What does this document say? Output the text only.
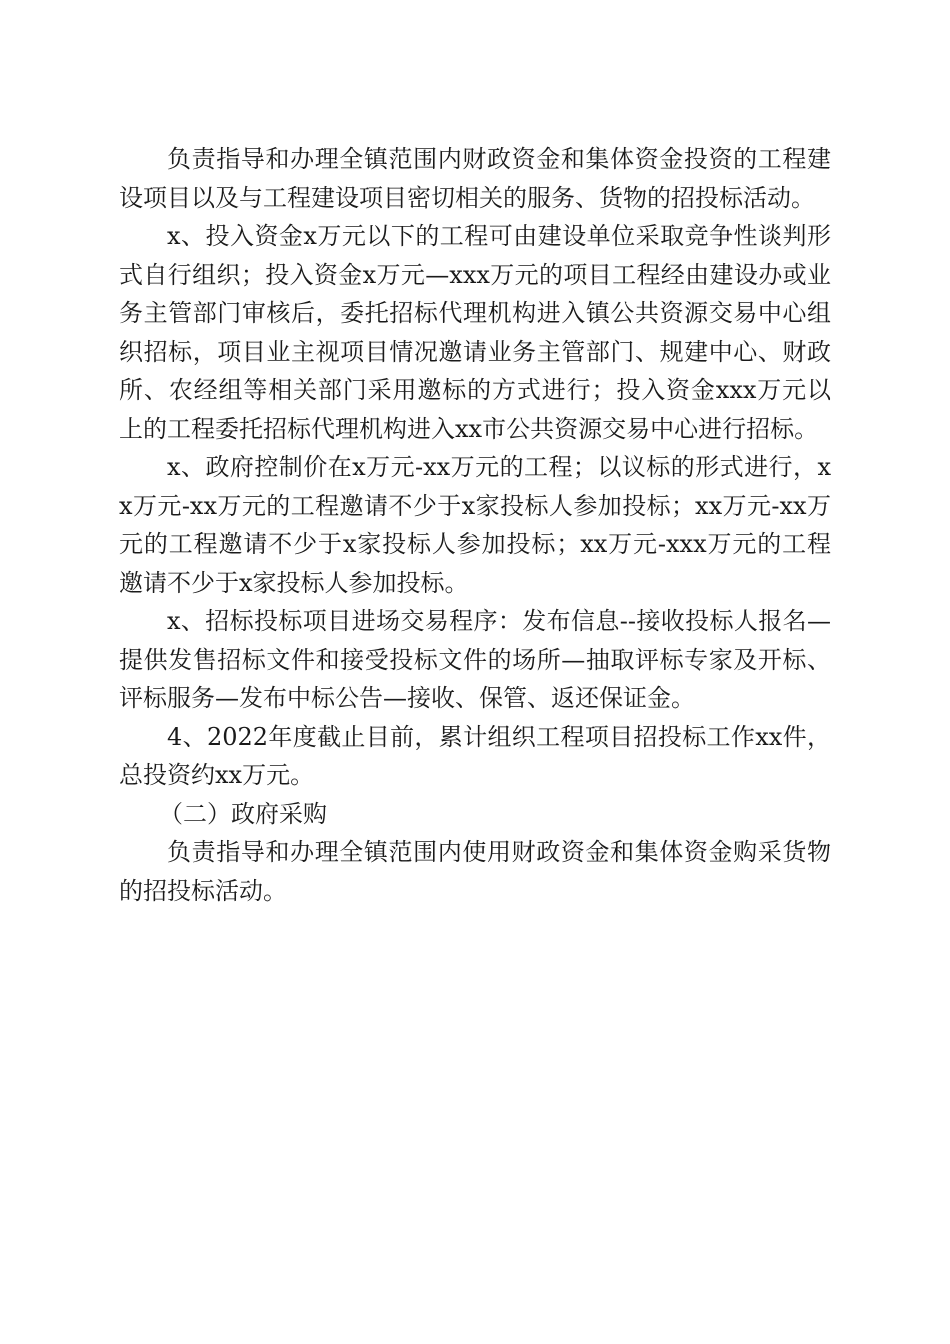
负责指导和办理全镇范围内财政资金和集体资金投资的工程建设项目以及与工程建设项目密切相关的服务、货物的招投标活动。

x、投入资金x万元以下的工程可由建设单位采取竞争性谈判形式自行组织；投入资金x万元—xxx万元的项目工程经由建设办或业务主管部门审核后，委托招标代理机构进入镇公共资源交易中心组织招标，项目业主视项目情况邀请业务主管部门、规建中心、财政所、农经组等相关部门采用邀标的方式进行；投入资金xxx万元以上的工程委托招标代理机构进入xx市公共资源交易中心进行招标。

x、政府控制价在x万元-xx万元的工程；以议标的形式进行，xx万元-xx万元的工程邀请不少于x家投标人参加投标；xx万元-xx万元的工程邀请不少于x家投标人参加投标；xx万元-xxx万元的工程邀请不少于x家投标人参加投标。

x、招标投标项目进场交易程序：发布信息--接收投标人报名—提供发售招标文件和接受投标文件的场所—抽取评标专家及开标、评标服务—发布中标公告—接收、保管、返还保证金。

4、2022年度截止目前，累计组织工程项目招投标工作xx件，总投资约xx万元。

（二）政府采购

负责指导和办理全镇范围内使用财政资金和集体资金购采货物的招投标活动。
